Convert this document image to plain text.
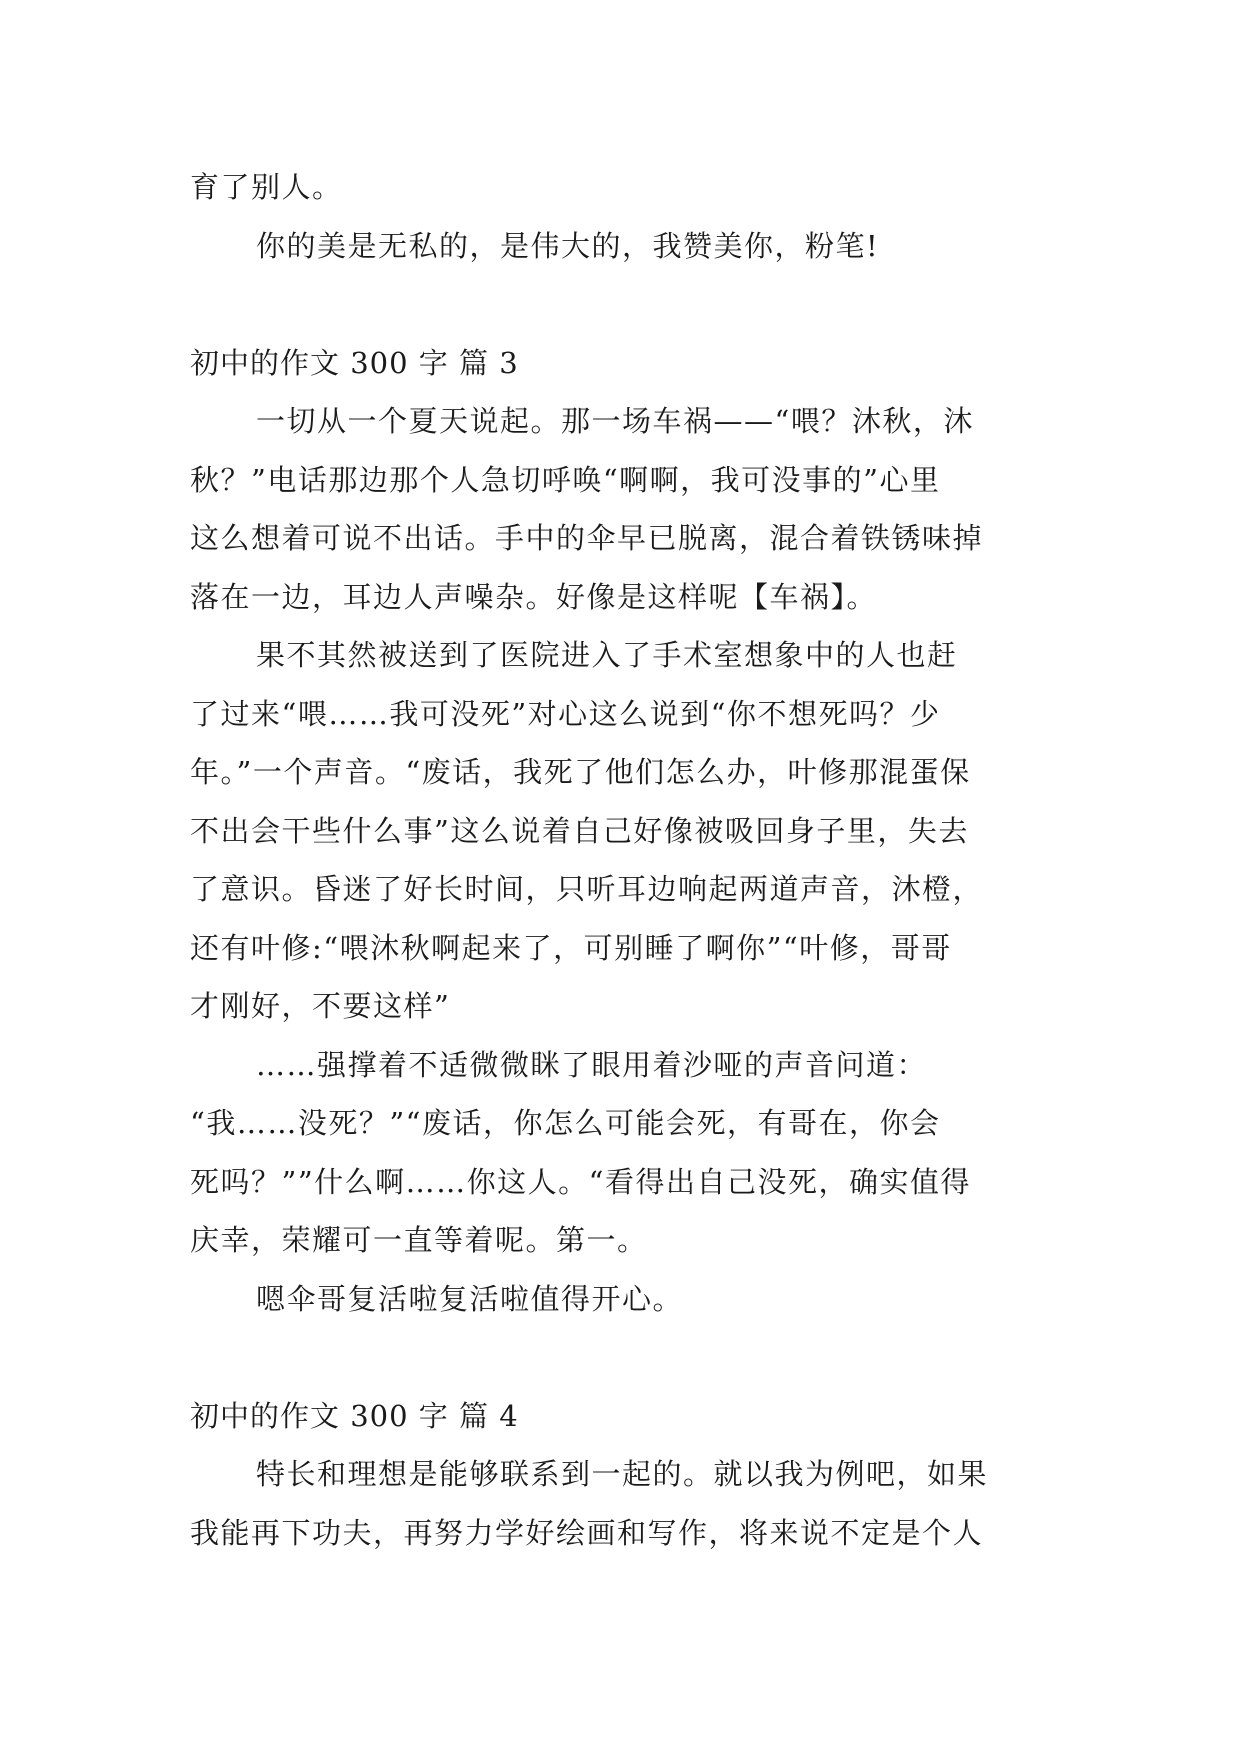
育了别人。
你的美是无私的，是伟大的，我赞美你，粉笔!
初中的作文 300 字 篇 3
一切从一个夏天说起。那一场车祸——“喂？沐秋，沐
秋？”电话那边那个人急切呼唤“啊啊，我可没事的”心里
这么想着可说不出话。手中的伞早已脱离，混合着铁锈味掉
落在一边，耳边人声噪杂。好像是这样呢【车祸】。
果不其然被送到了医院进入了手术室想象中的人也赶
了过来“喂……我可没死”对心这么说到“你不想死吗？少
年。”一个声音。“废话，我死了他们怎么办，叶修那混蛋保
不出会干些什么事”这么说着自己好像被吸回身子里，失去
了意识。昏迷了好长时间，只听耳边响起两道声音，沐橙，
还有叶修:“喂沐秋啊起来了，可别睡了啊你”“叶修，哥哥
才刚好，不要这样”
……强撑着不适微微眯了眼用着沙哑的声音问道：
“我……没死？”“废话，你怎么可能会死，有哥在，你会
死吗？””什么啊……你这人。“看得出自己没死，确实值得
庆幸，荣耀可一直等着呢。第一。
嗯伞哥复活啦复活啦值得开心。
初中的作文 300 字 篇 4
特长和理想是能够联系到一起的。就以我为例吧，如果
我能再下功夫，再努力学好绘画和写作，将来说不定是个人
